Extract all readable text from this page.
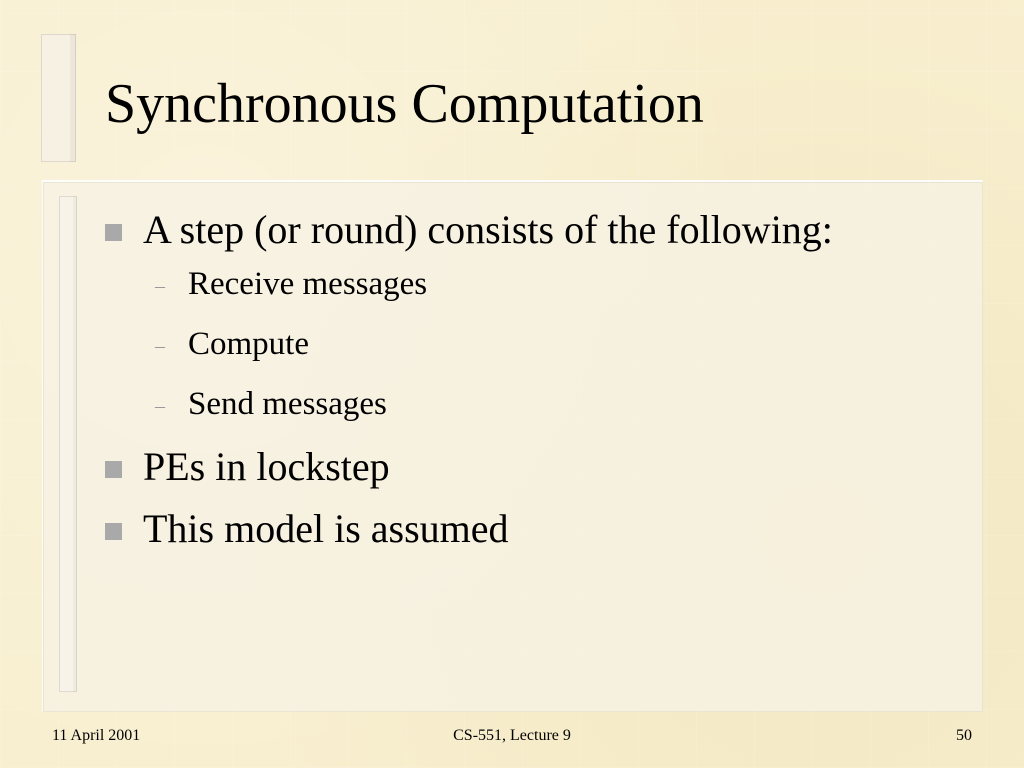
Synchronous Computation
A step (or round) consists of the following:
– Receive messages
– Compute
– Send messages
PEs in lockstep
This model is assumed
11 April 2001	CS-551, Lecture 9	50
